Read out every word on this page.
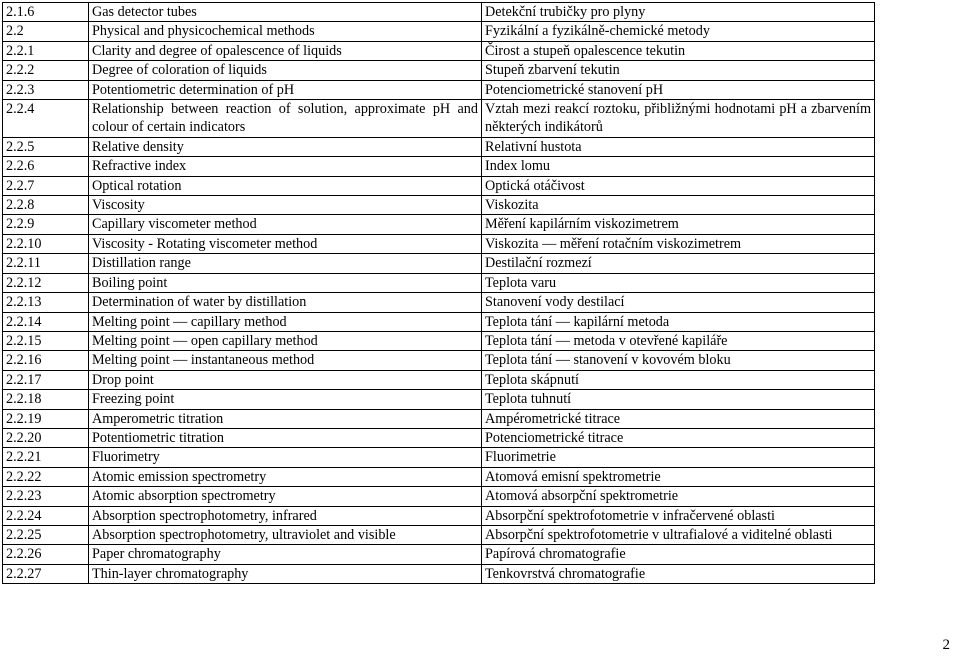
2.1.6	Gas detector tubes	Detekční trubičky pro plyny
2.2	Physical and physicochemical methods	Fyzikální a fyzikálně-chemické metody
2.2.1	Clarity and degree of opalescence of liquids	Čirost a stupeň opalescence tekutin
2.2.2	Degree of coloration of liquids	Stupeň zbarvení tekutin
2.2.3	Potentiometric determination of pH	Potenciometrické stanovení pH
2.2.4	Relationship between reaction of solution, approximate pH and colour of certain indicators	Vztah mezi reakcí roztoku, přibližnými hodnotami pH a zbarvením některých indikátorů
2.2.5	Relative density	Relativní hustota
2.2.6	Refractive index	Index lomu
2.2.7	Optical rotation	Optická otáčivost
2.2.8	Viscosity	Viskozita
2.2.9	Capillary viscometer method	Měření kapilárním viskozimetrem
2.2.10	Viscosity - Rotating viscometer method	Viskozita — měření rotačním viskozimetrem
2.2.11	Distillation range	Destilační rozmezí
2.2.12	Boiling point	Teplota varu
2.2.13	Determination of water by distillation	Stanovení vody destilací
2.2.14	Melting point — capillary method	Teplota tání — kapilární metoda
2.2.15	Melting point — open capillary method	Teplota tání — metoda v otevřené kapiláře
2.2.16	Melting point — instantaneous method	Teplota tání — stanovení v kovovém bloku
2.2.17	Drop point	Teplota skápnutí
2.2.18	Freezing point	Teplota tuhnutí
2.2.19	Amperometric titration	Ampérometrické titrace
2.2.20	Potentiometric titration	Potenciometrické titrace
2.2.21	Fluorimetry	Fluorimetrie
2.2.22	Atomic emission spectrometry	Atomová emisní spektrometrie
2.2.23	Atomic absorption spectrometry	Atomová absorpční spektrometrie
2.2.24	Absorption spectrophotometry, infrared	Absorpční spektrofotometrie v infračervené oblasti
2.2.25	Absorption spectrophotometry, ultraviolet and visible	Absorpční spektrofotometrie v ultrafialové a viditelné oblasti
2.2.26	Paper chromatography	Papírová chromatografie
2.2.27	Thin-layer chromatography	Tenkovrstvá chromatografie
2
